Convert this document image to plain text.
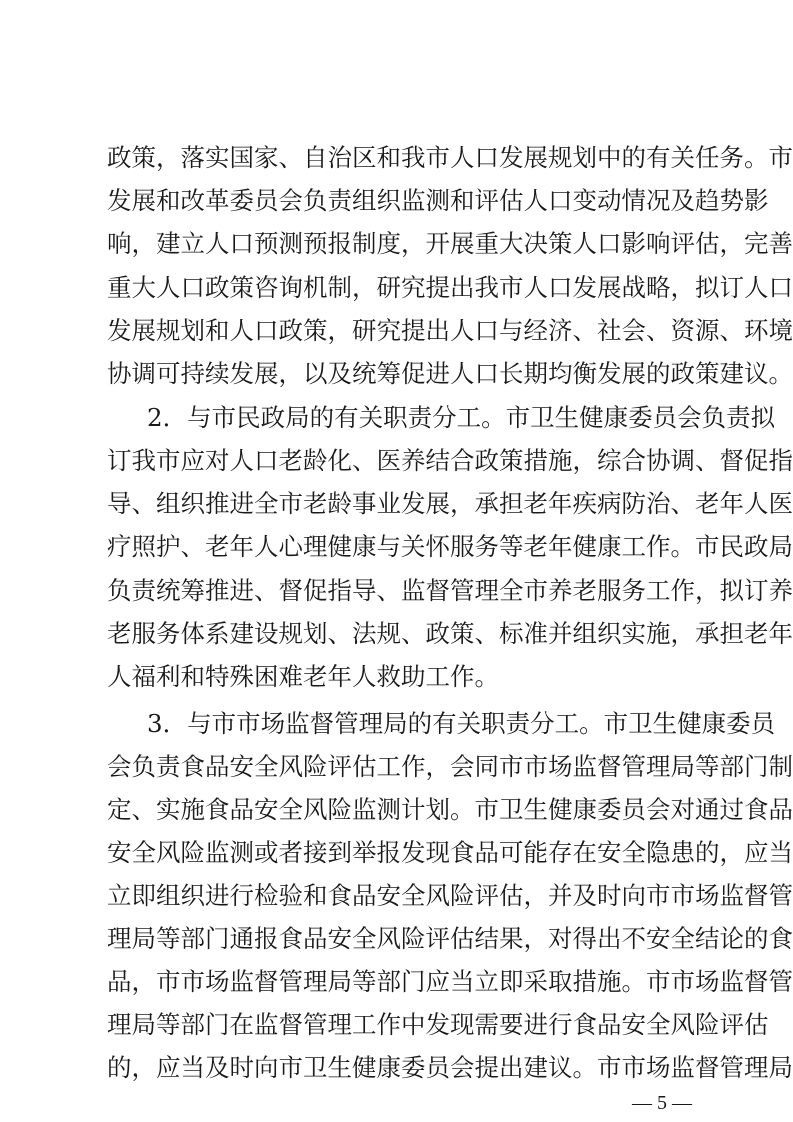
政策，落实国家、自治区和我市人口发展规划中的有关任务。市
发展和改革委员会负责组织监测和评估人口变动情况及趋势影
响，建立人口预测预报制度，开展重大决策人口影响评估，完善
重大人口政策咨询机制，研究提出我市人口发展战略，拟订人口
发展规划和人口政策，研究提出人口与经济、社会、资源、环境
协调可持续发展，以及统筹促进人口长期均衡发展的政策建议。
2．与市民政局的有关职责分工。市卫生健康委员会负责拟
订我市应对人口老龄化、医养结合政策措施，综合协调、督促指
导、组织推进全市老龄事业发展，承担老年疾病防治、老年人医
疗照护、老年人心理健康与关怀服务等老年健康工作。市民政局
负责统筹推进、督促指导、监督管理全市养老服务工作，拟订养
老服务体系建设规划、法规、政策、标准并组织实施，承担老年
人福利和特殊困难老年人救助工作。
3．与市市场监督管理局的有关职责分工。市卫生健康委员
会负责食品安全风险评估工作，会同市市场监督管理局等部门制
定、实施食品安全风险监测计划。市卫生健康委员会对通过食品
安全风险监测或者接到举报发现食品可能存在安全隐患的，应当
立即组织进行检验和食品安全风险评估，并及时向市市场监督管
理局等部门通报食品安全风险评估结果，对得出不安全结论的食
品，市市场监督管理局等部门应当立即采取措施。市市场监督管
理局等部门在监督管理工作中发现需要进行食品安全风险评估
的，应当及时向市卫生健康委员会提出建议。市市场监督管理局
— 5 —
